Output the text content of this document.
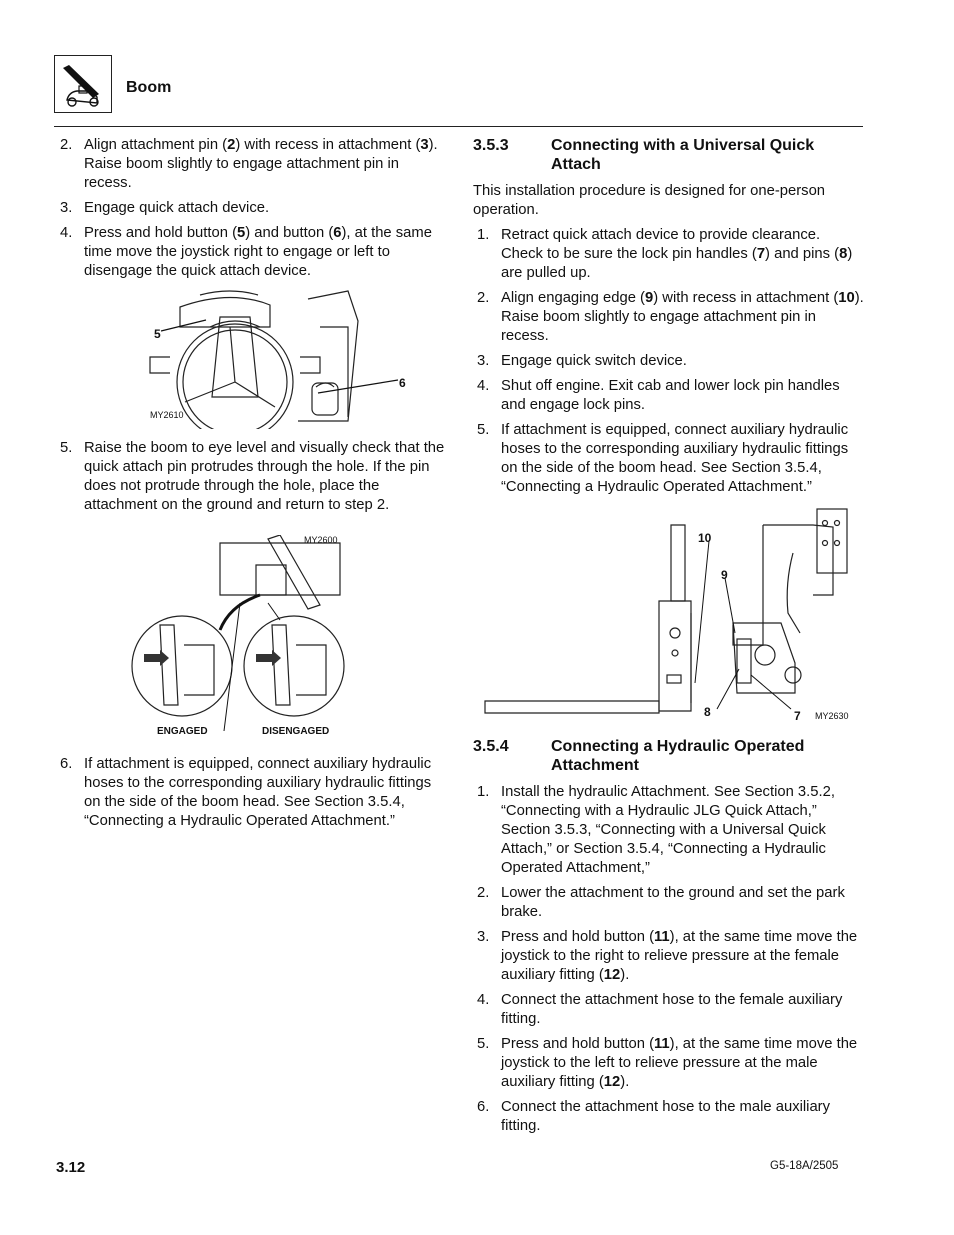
Boom
2. Align attachment pin (2) with recess in attachment (3). Raise boom slightly to engage attachment pin in recess.
3. Engage quick attach device.
4. Press and hold button (5) and button (6), at the same time move the joystick right to engage or left to disengage the quick attach device.
5
6
MY2610
5. Raise the boom to eye level and visually check that the quick attach pin protrudes through the hole. If the pin does not protrude through the hole, place the attachment on the ground and return to step 2.
MY2600
ENGAGED	DISENGAGED
6. If attachment is equipped, connect auxiliary hydraulic hoses to the corresponding auxiliary hydraulic fittings on the side of the boom head. See Section 3.5.4, “Connecting a Hydraulic Operated Attachment.”
3.5.3	Connecting with a Universal Quick Attach

This installation procedure is designed for one-person operation.

1. Retract quick attach device to provide clearance. Check to be sure the lock pin handles (7) and pins (8) are pulled up.
2. Align engaging edge (9) with recess in attachment (10). Raise boom slightly to engage attachment pin in recess.
3. Engage quick switch device.
4. Shut off engine. Exit cab and lower lock pin handles and engage lock pins.
5. If attachment is equipped, connect auxiliary hydraulic hoses to the corresponding auxiliary hydraulic fittings on the side of the boom head. See Section 3.5.4, “Connecting a Hydraulic Operated Attachment.”
10
9
8	7 MY2630
3.5.4	Connecting a Hydraulic Operated Attachment
1. Install the hydraulic Attachment. See Section 3.5.2, “Connecting with a Hydraulic JLG Quick Attach,” Section 3.5.3, “Connecting with a Universal Quick Attach,” or Section 3.5.4, “Connecting a Hydraulic Operated Attachment,”
2. Lower the attachment to the ground and set the park brake.
3. Press and hold button (11), at the same time move the joystick to the right to relieve pressure at the female auxiliary fitting (12).
4. Connect the attachment hose to the female auxiliary fitting.
5. Press and hold button (11), at the same time move the joystick to the left to relieve pressure at the male auxiliary fitting (12).
6. Connect the attachment hose to the male auxiliary fitting.
3.12	G5-18A/2505
